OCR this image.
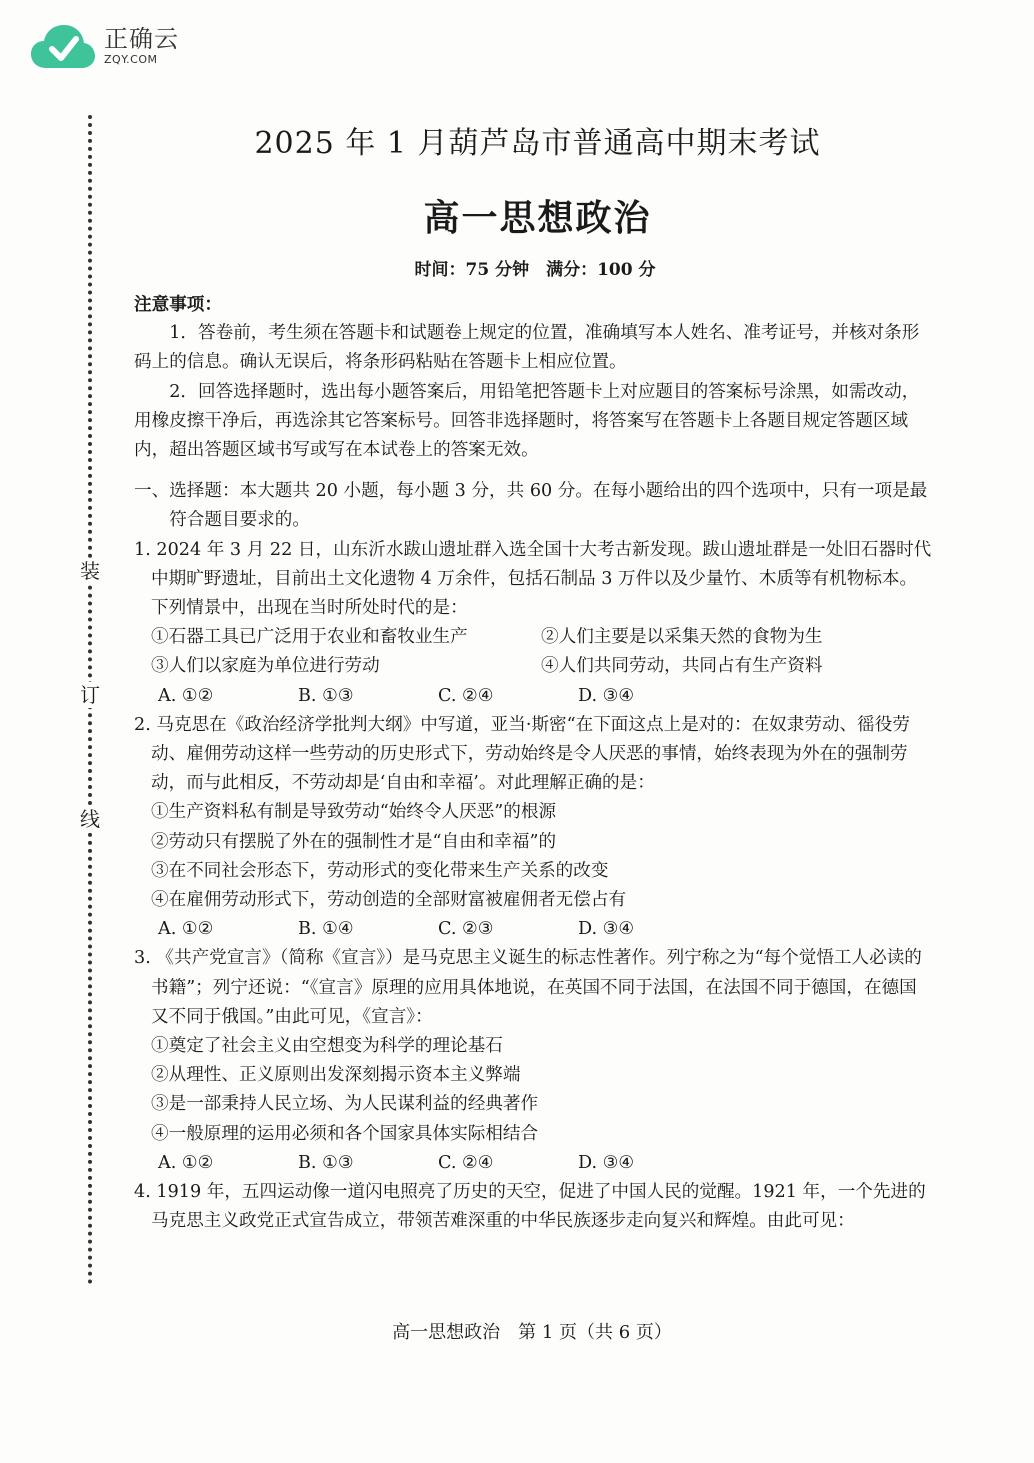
正确云
ZQY.COM
装
订
线
2025 年 1 月葫芦岛市普通高中期末考试
高一思想政治
时间：75 分钟　满分：100 分
注意事项：
1．答卷前，考生须在答题卡和试题卷上规定的位置，准确填写本人姓名、准考证号，并核对条形码上的信息。确认无误后，将条形码粘贴在答题卡上相应位置。
2．回答选择题时，选出每小题答案后，用铅笔把答题卡上对应题目的答案标号涂黑，如需改动，用橡皮擦干净后，再选涂其它答案标号。回答非选择题时，将答案写在答题卡上各题目规定答题区域内，超出答题区域书写或写在本试卷上的答案无效。
一、选择题：本大题共 20 小题，每小题 3 分，共 60 分。在每小题给出的四个选项中，只有一项是最符合题目要求的。
1. 2024 年 3 月 22 日，山东沂水跋山遗址群入选全国十大考古新发现。跋山遗址群是一处旧石器时代中期旷野遗址，目前出土文化遗物 4 万余件，包括石制品 3 万件以及少量竹、木质等有机物标本。下列情景中，出现在当时所处时代的是：
①石器工具已广泛用于农业和畜牧业生产	②人们主要是以采集天然的食物为生
③人们以家庭为单位进行劳动	④人们共同劳动，共同占有生产资料
A. ①②	B. ①③	C. ②④	D. ③④
2. 马克思在《政治经济学批判大纲》中写道，亚当·斯密“在下面这点上是对的：在奴隶劳动、徭役劳动、雇佣劳动这样一些劳动的历史形式下，劳动始终是令人厌恶的事情，始终表现为外在的强制劳动，而与此相反，不劳动却是‘自由和幸福’。对此理解正确的是：
①生产资料私有制是导致劳动“始终令人厌恶”的根源
②劳动只有摆脱了外在的强制性才是“自由和幸福”的
③在不同社会形态下，劳动形式的变化带来生产关系的改变
④在雇佣劳动形式下，劳动创造的全部财富被雇佣者无偿占有
A. ①②	B. ①④	C. ②③	D. ③④
3. 《共产党宣言》（简称《宣言》）是马克思主义诞生的标志性著作。列宁称之为“每个觉悟工人必读的书籍”；列宁还说：“《宣言》原理的应用具体地说，在英国不同于法国，在法国不同于德国，在德国又不同于俄国。”由此可见，《宣言》：
①奠定了社会主义由空想变为科学的理论基石
②从理性、正义原则出发深刻揭示资本主义弊端
③是一部秉持人民立场、为人民谋利益的经典著作
④一般原理的运用必须和各个国家具体实际相结合
A. ①②	B. ①③	C. ②④	D. ③④
4. 1919 年，五四运动像一道闪电照亮了历史的天空，促进了中国人民的觉醒。1921 年，一个先进的马克思主义政党正式宣告成立，带领苦难深重的中华民族逐步走向复兴和辉煌。由此可见：
高一思想政治　第 1 页（共 6 页）
